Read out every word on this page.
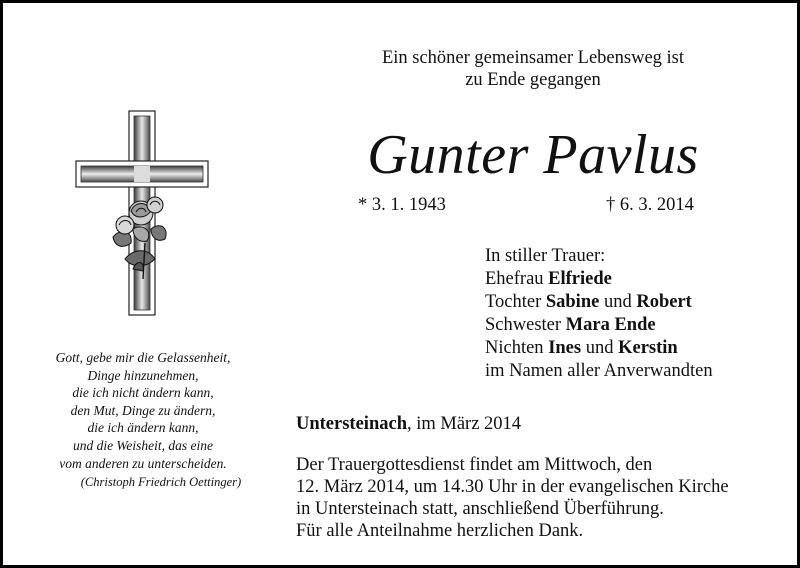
Ein schöner gemeinsamer Lebensweg ist
zu Ende gegangen
Gunter Pavlus
* 3. 1. 1943	† 6. 3. 2014
In stiller Trauer:
Ehefrau Elfriede
Tochter Sabine und Robert
Schwester Mara Ende
Nichten Ines und Kerstin
im Namen aller Anverwandten
Untersteinach, im März 2014
Der Trauergottesdienst findet am Mittwoch, den
12. März 2014, um 14.30 Uhr in der evangelischen Kirche
in Untersteinach statt, anschließend Überführung.
Für alle Anteilnahme herzlichen Dank.
Gott, gebe mir die Gelassenheit,
Dinge hinzunehmen,
die ich nicht ändern kann,
den Mut, Dinge zu ändern,
die ich ändern kann,
und die Weisheit, das eine
vom anderen zu unterscheiden.
(Christoph Friedrich Oettinger)
